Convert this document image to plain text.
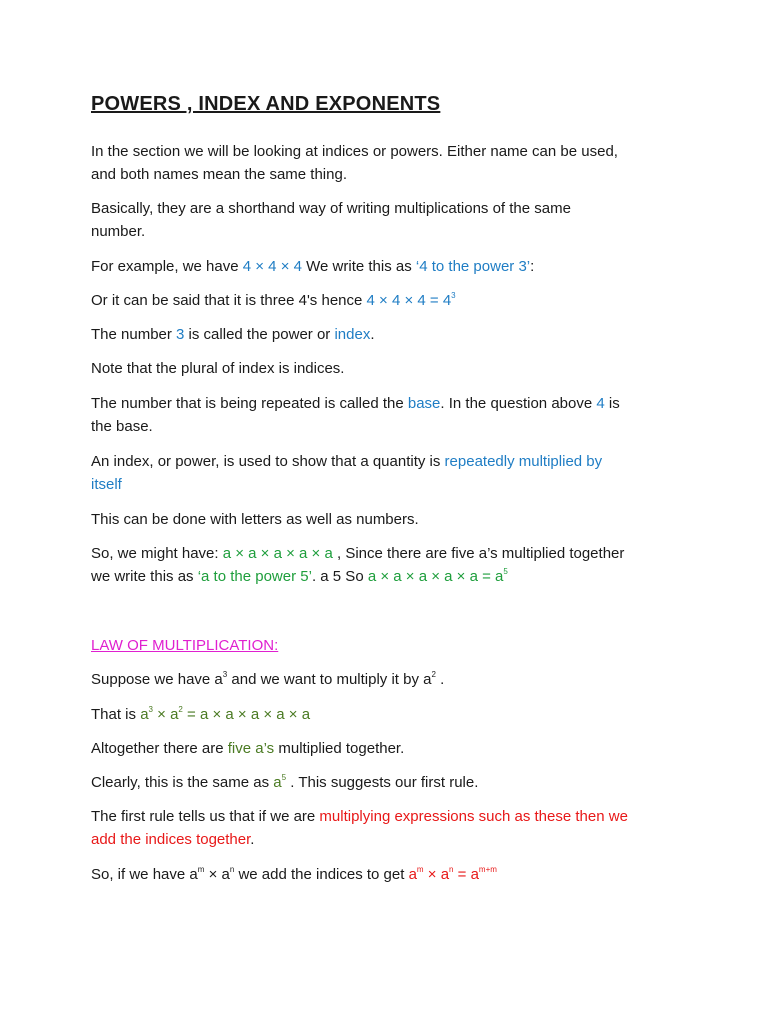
POWERS , INDEX AND EXPONENTS
In the section we will be looking at indices or powers. Either name can be used,
and both names mean the same thing.
Basically, they are a shorthand way of writing multiplications of the same
number.
For example, we have 4 × 4 × 4 We write this as ‘4 to the power 3’:
Or it can be said that it is three 4's hence $4 \times 4 \times 4 = 4^3$
The number 3 is called the power or index.
Note that the plural of index is indices.
The number that is being repeated is called the base. In the question above 4 is
the base.
An index, or power, is used to show that a quantity is repeatedly multiplied by
itself
This can be done with letters as well as numbers.
So, we might have: a × a × a × a × a , Since there are five a’s multiplied together
we write this as ‘a to the power 5’. a 5 So $a \times a \times a \times a \times a = a^5$
LAW OF MULTIPLICATION:
Suppose we have $a^3$ and we want to multiply it by $a^2$ .
That is $a^3 \times a^2 = a \times a \times a \times a \times a$
Altogether there are five a’s multiplied together.
Clearly, this is the same as $a^5$ . This suggests our first rule.
The first rule tells us that if we are multiplying expressions such as these then we
add the indices together.
So, if we have $a^m \times a^n$ we add the indices to get $a^m \times a^n = a^{m+m}$
